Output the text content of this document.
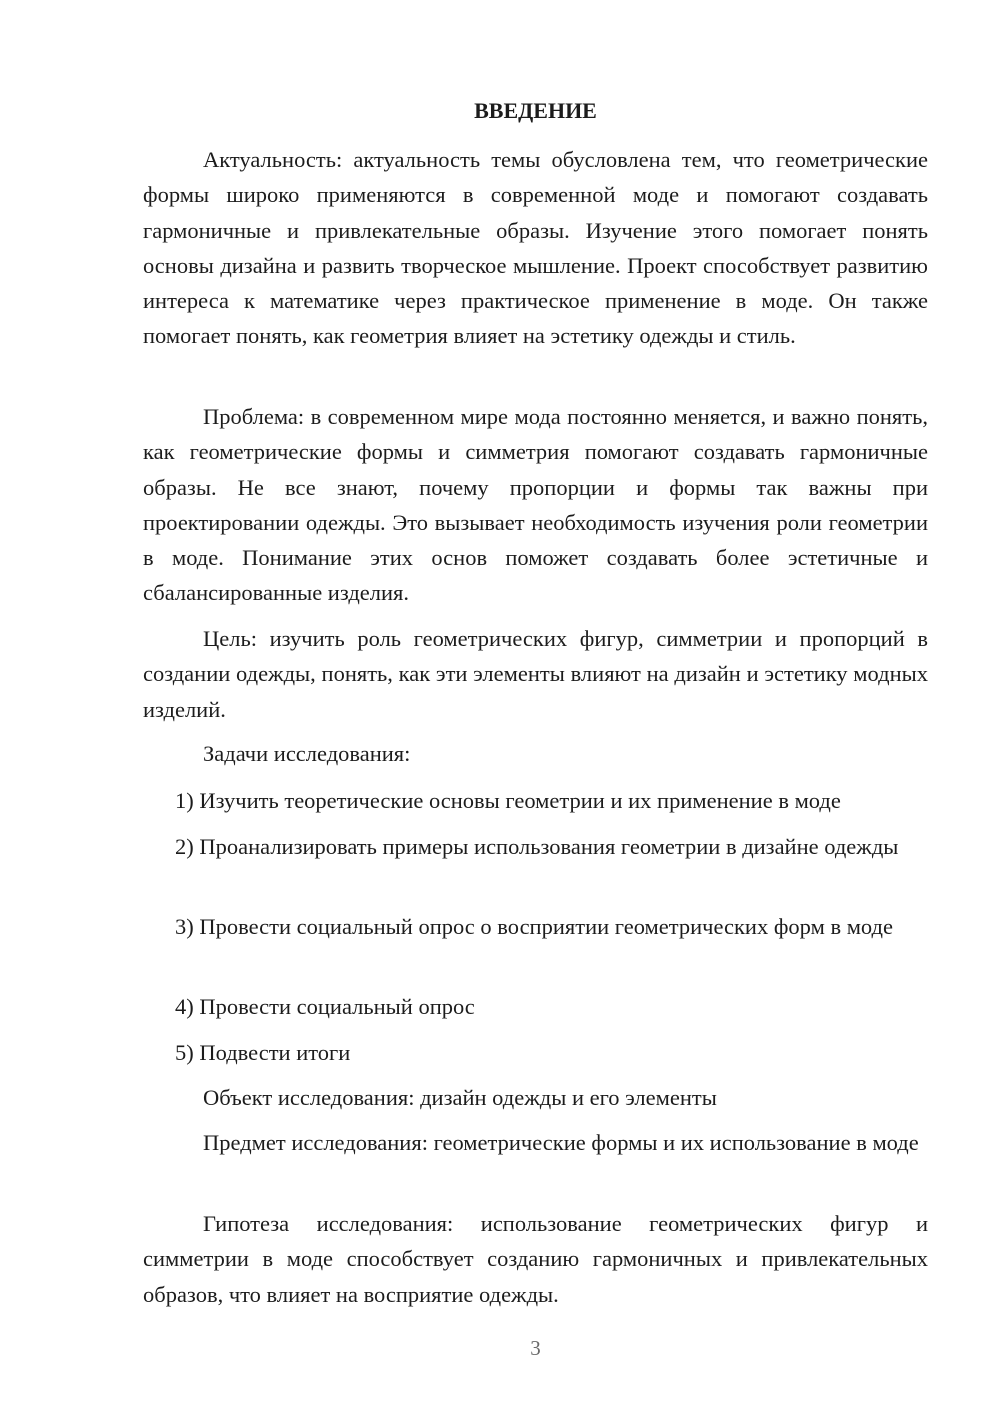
ВВЕДЕНИЕ

Актуальность: актуальность темы обусловлена тем, что геометрические формы широко применяются в современной моде и помогают создавать гармоничные и привлекательные образы. Изучение этого помогает понять основы дизайна и развить творческое мышление. Проект способствует развитию интереса к математике через практическое применение в моде. Он также помогает понять, как геометрия влияет на эстетику одежды и стиль.

Проблема: в современном мире мода постоянно меняется, и важно понять, как геометрические формы и симметрия помогают создавать гармоничные образы. Не все знают, почему пропорции и формы так важны при проектировании одежды. Это вызывает необходимость изучения роли геометрии в моде. Понимание этих основ поможет создавать более эстетичные и сбалансированные изделия.

Цель: изучить роль геометрических фигур, симметрии и пропорций в создании одежды, понять, как эти элементы влияют на дизайн и эстетику модных изделий.

Задачи исследования:

1) Изучить теоретические основы геометрии и их применение в моде

2) Проанализировать примеры использования геометрии в дизайне одежды

3) Провести социальный опрос о восприятии геометрических форм в моде

4) Провести социальный опрос

5) Подвести итоги

Объект исследования: дизайн одежды и его элементы

Предмет исследования: геометрические формы и их использование в моде

Гипотеза исследования: использование геометрических фигур и симметрии в моде способствует созданию гармоничных и привлекательных образов, что влияет на восприятие одежды.

3
